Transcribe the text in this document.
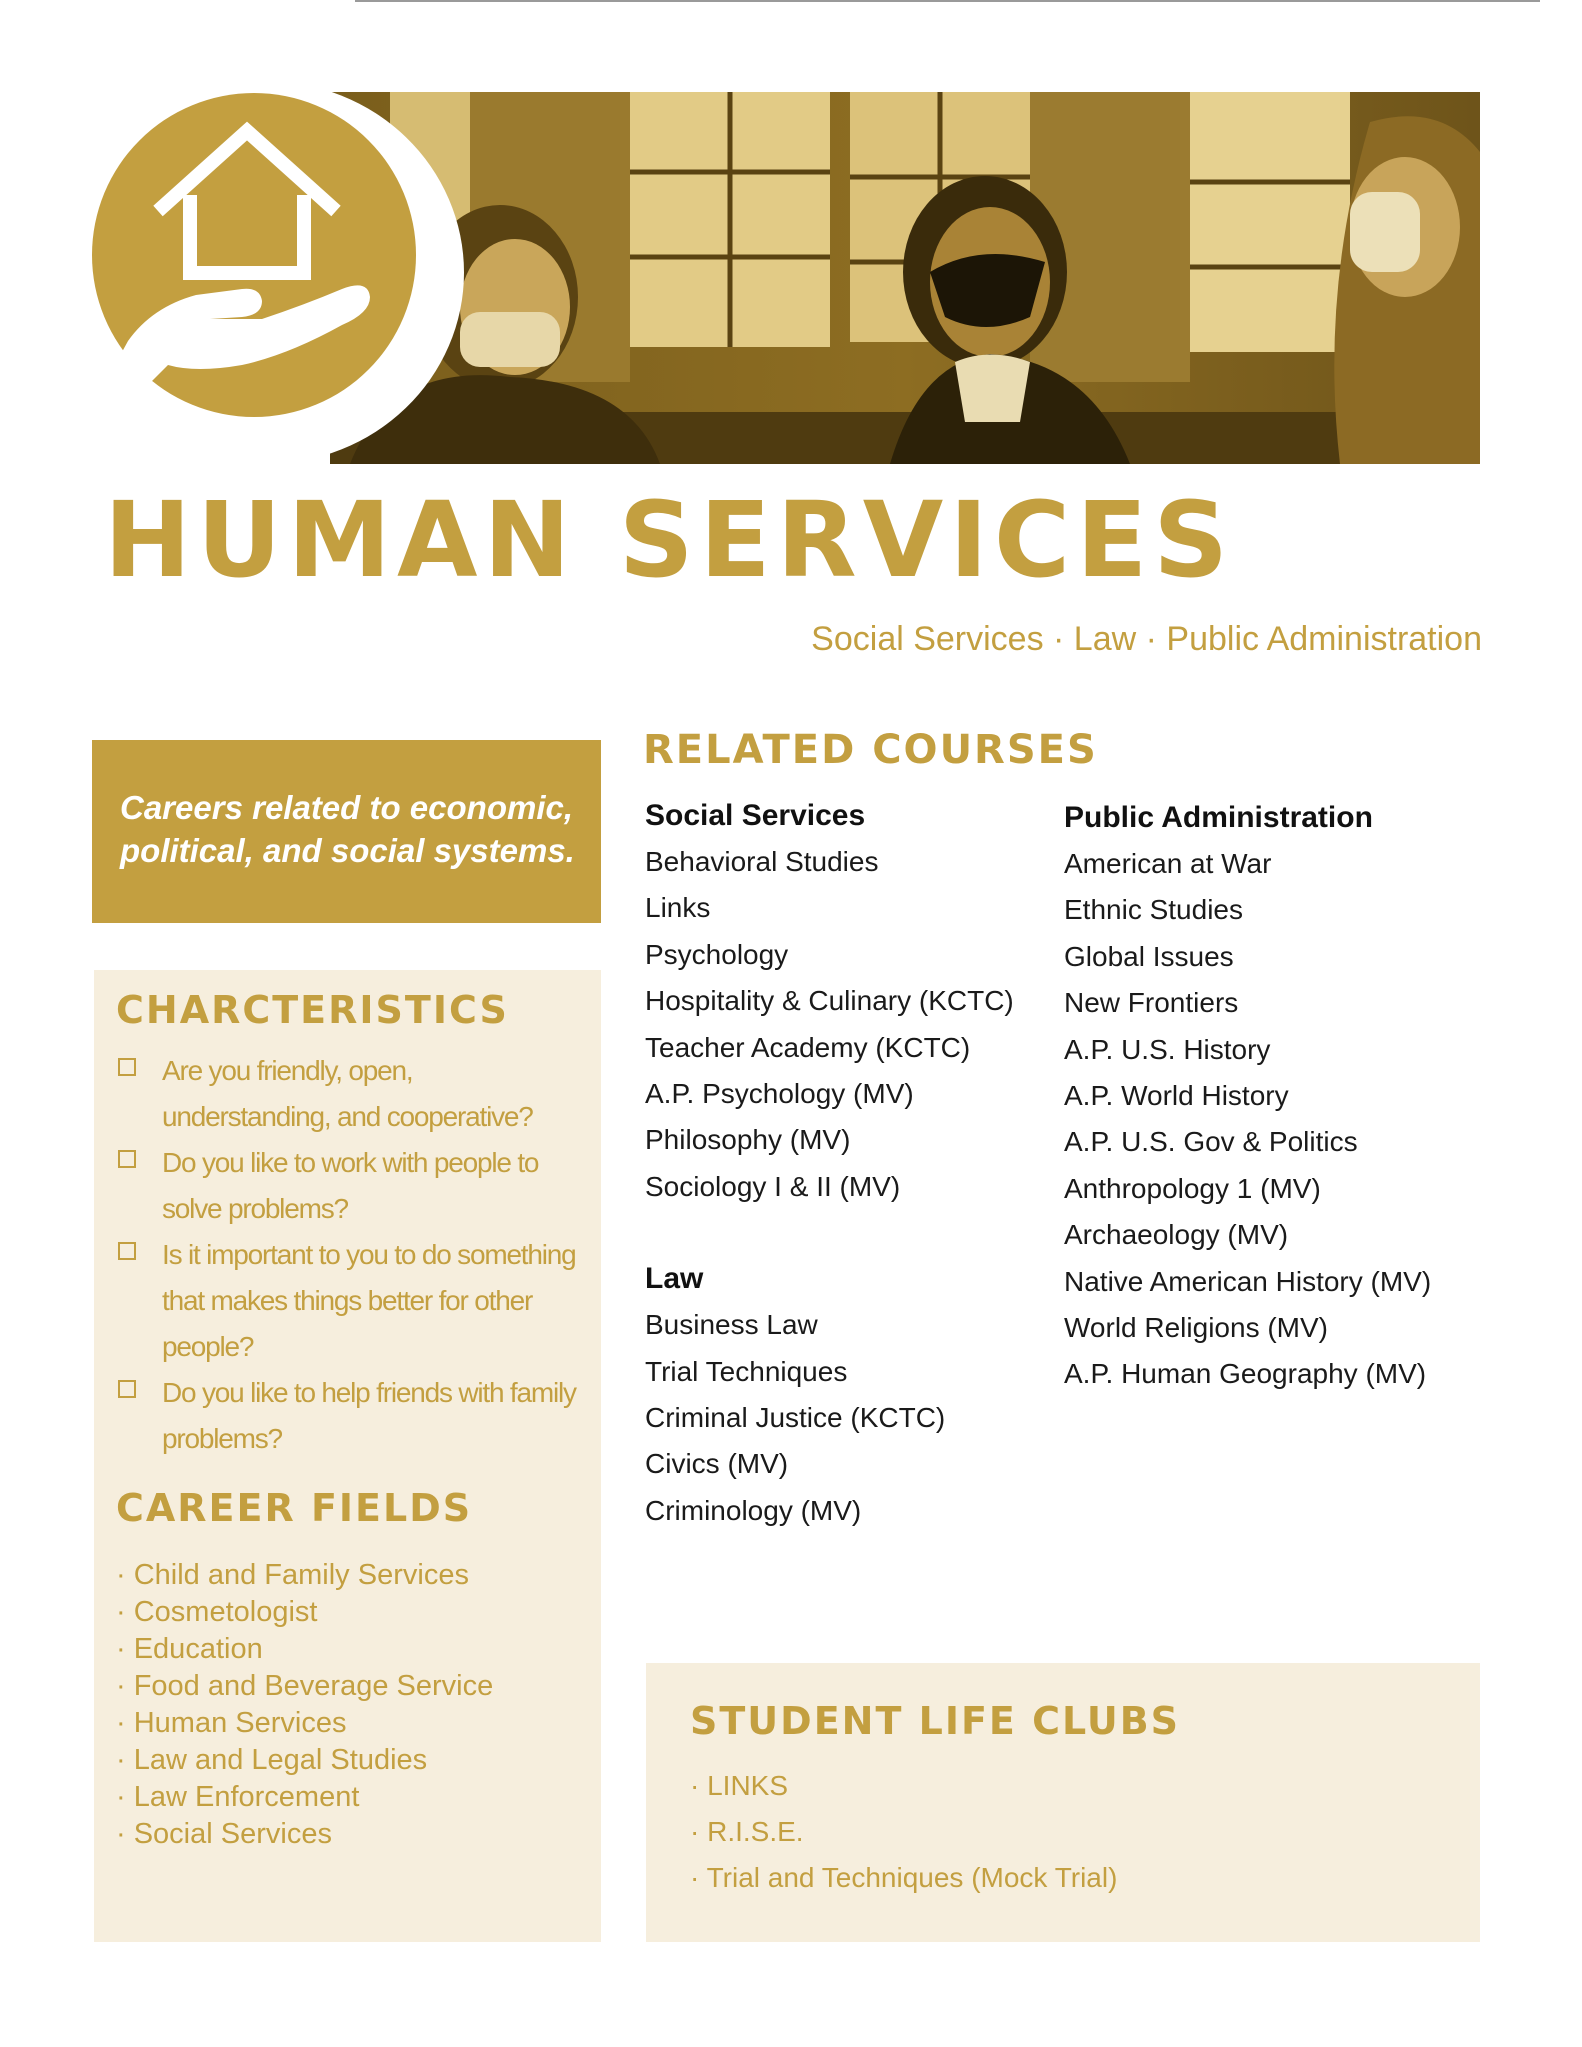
HUMAN SERVICES

Social Services · Law · Public Administration

Careers related to economic, political, and social systems.

CHARCTERISTICS
Are you friendly, open, understanding, and cooperative?
Do you like to work with people to solve problems?
Is it important to you to do something that makes things better for other people?
Do you like to help friends with family problems?
CAREER FIELDS
· Child and Family Services
· Cosmetologist
· Education
· Food and Beverage Service
· Human Services
· Law and Legal Studies
· Law Enforcement
· Social Services
RELATED COURSES
Social Services
Behavioral Studies
Links
Psychology
Hospitality & Culinary (KCTC)
Teacher Academy (KCTC)
A.P. Psychology (MV)
Philosophy (MV)
Sociology I & II (MV)
Law
Business Law
Trial Techniques
Criminal Justice (KCTC)
Civics (MV)
Criminology (MV)
Public Administration
American at War
Ethnic Studies
Global Issues
New Frontiers
A.P. U.S. History
A.P. World History
A.P. U.S. Gov & Politics
Anthropology 1 (MV)
Archaeology (MV)
Native American History (MV)
World Religions (MV)
A.P. Human Geography (MV)
STUDENT LIFE CLUBS
· LINKS
· R.I.S.E.
· Trial and Techniques (Mock Trial)
